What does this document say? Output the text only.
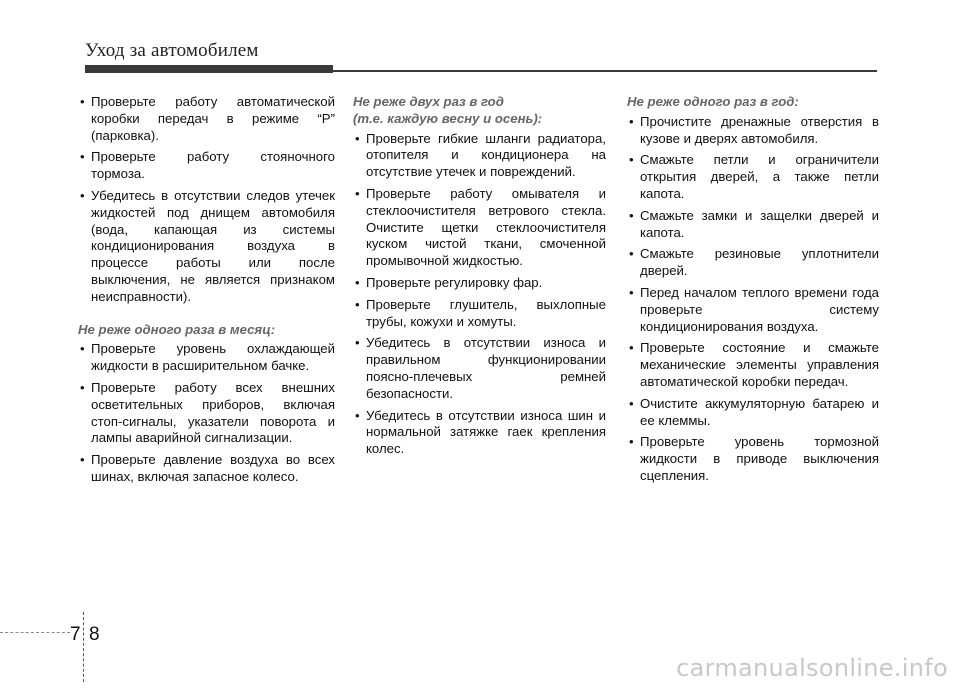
Уход за автомобилем
• Проверьте работу автоматической коробки передач в режиме “P” (парковка).
• Проверьте работу стояночного тормоза.
• Убедитесь в отсутствии следов утечек жидкостей под днищем автомобиля (вода, капающая из системы кондиционирования воздуха в процессе работы или после выключения, не является признаком неисправности).
Не реже одного раза в месяц:
• Проверьте уровень охлаждающей жидкости в расширительном бачке.
• Проверьте работу всех внешних осветительных приборов, включая стоп-сигналы, указатели поворота и лампы аварийной сигнализации.
• Проверьте давление воздуха во всех шинах, включая запасное колесо.
Не реже двух раз в год
(т.е. каждую весну и осень):
• Проверьте гибкие шланги радиатора, отопителя и кондиционера на отсутствие утечек и повреждений.
• Проверьте работу омывателя и стеклоочистителя ветрового стекла. Очистите щетки стеклоочистителя куском чистой ткани, смоченной промывочной жидкостью.
• Проверьте регулировку фар.
• Проверьте глушитель, выхлопные трубы, кожухи и хомуты.
• Убедитесь в отсутствии износа и правильном функционировании поясно-плечевых ремней безопасности.
• Убедитесь в отсутствии износа шин и нормальной затяжке гаек крепления колес.
Не реже одного раз в год:
• Прочистите дренажные отверстия в кузове и дверях автомобиля.
• Смажьте петли и ограничители открытия дверей, а также петли капота.
• Смажьте замки и защелки дверей и капота.
• Смажьте резиновые уплотнители дверей.
• Перед началом теплого времени года проверьте систему кондиционирования воздуха.
• Проверьте состояние и смажьте механические элементы управления автоматической коробки передач.
• Очистите аккумуляторную батарею и ее клеммы.
• Проверьте уровень тормозной жидкости в приводе выключения сцепления.
7 8
carmanualsonline.info
